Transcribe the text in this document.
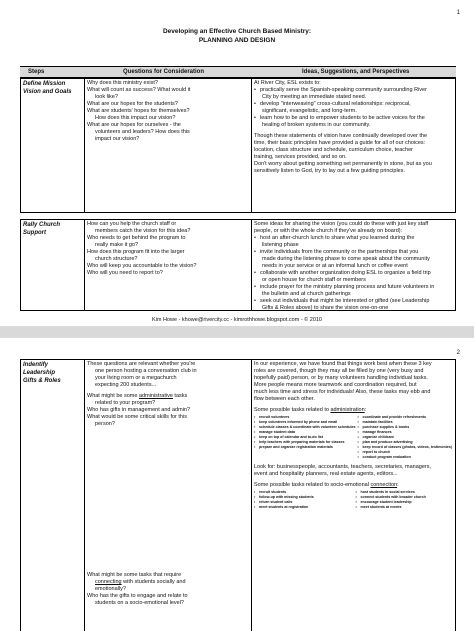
1
Developing an Effective Church Based Ministry:
PLANNING AND DESIGN
Steps	Questions for Consideration	Ideas, Suggestions, and Perspectives
Define Mission
Vision and Goals
Why does this ministry exist?
What will count as success? What would it
look like?
What are our hopes for the students?
What are students' hopes for themselves?
How does this impact our vision?
What are our hopes for ourselves - the
volunteers and leaders? How does this
impact our vision?
At River City, ESL exists to:
• practically serve the Spanish-speaking community surrounding River
City by meeting an immediate stated need.
• develop "interweaving" cross-cultural relationships: reciprocal,
significant, evangelistic, and long-term.
• learn how to be and to empower students to be active voices for the
healing of broken systems in our community.
Though these statements of vision have continually developed over the
time, their basic principles have provided a guide for all of our choices:
location, class structure and schedule, curriculum choice, teacher
training, services provided, and so on.
Don't worry about getting something set permanently in stone, but as you
sensitively listen to God, try to lay out a few guiding principles.
Rally Church
Support
How can you help the church staff or
members catch the vision for this idea?
Who needs to get behind the program to
really make it go?
How does this program fit into the larger
church structure?
Who will keep you accountable to the vision?
Who will you need to report to?
Some ideas for sharing the vision (you could do these with just key staff
people, or with the whole church if they've already on board):
• host an after-church lunch to share what you learned during the
listening phase
• invite individuals from the community or the partnerships that you
made during the listening phase to come speak about the community
needs in your service or at an informal lunch or coffee event
• collaborate with another organization doing ESL to organize a field trip
or open house for church staff or members
• include prayer for the ministry planning process and future volunteers in
the bulletin and at church gatherings
• seek out individuals that might be interested or gifted (see Leadership
Gifts & Roles above) to share the vision one-on-one
Kim Howe - khowe@rivercity.cc - kimrothhowe.blogspot.com - © 2010
2
Indentify
Leadership
Gifts & Roles
These questions are relevant whether you're
one person hosting a conversation club in
your living room or a megachurch
expecting 200 students...
What might be some administrative tasks
related to your program?
Who has gifts in management and admin?
What would be some critical skills for this
person?
What might be some tasks that require
connecting with students socially and
emotionally?
Who has the gifts to engage and relate to
students on a socio-emotional level?
In our experience, we have found that things work best when these 3 key
roles are covered, though they may all be filled by one (very busy and
hopefully paid) person, or by many volunteers handling individual tasks.
More people means more teamwork and coordination required, but
much less time and stress for individuals! Also, these tasks may ebb and
flow between each other.
Some possible tasks related to administration:
• recruit volunteers
• keep volunteers informed by phone and email
• schedule classes & coordinate with volunteer schedules
• manage student data
• keep on top of calendar and to-do list
• help teachers with preparing materials for classes
• prepare and organize registration materials
• coordinate and provide refreshments
• maintain facilities
• purchase supplies & books
• manage finances
• organize childcare
• plan and produce advertising
• keep record of classes (photos, videos, testimonies)
• report to church
• conduct program evaluation
Look for: businesspeople, accountants, teachers, secretaries, managers,
event and hospitality planners, real estate agents, editors...
Some possible tasks related to socio-emotional connection:
• recruit students
• follow-up with missing students
• return student calls
• meet students at registration
• host students in social services
• connect students with broader church
• encourage student leadership
• meet students at events
